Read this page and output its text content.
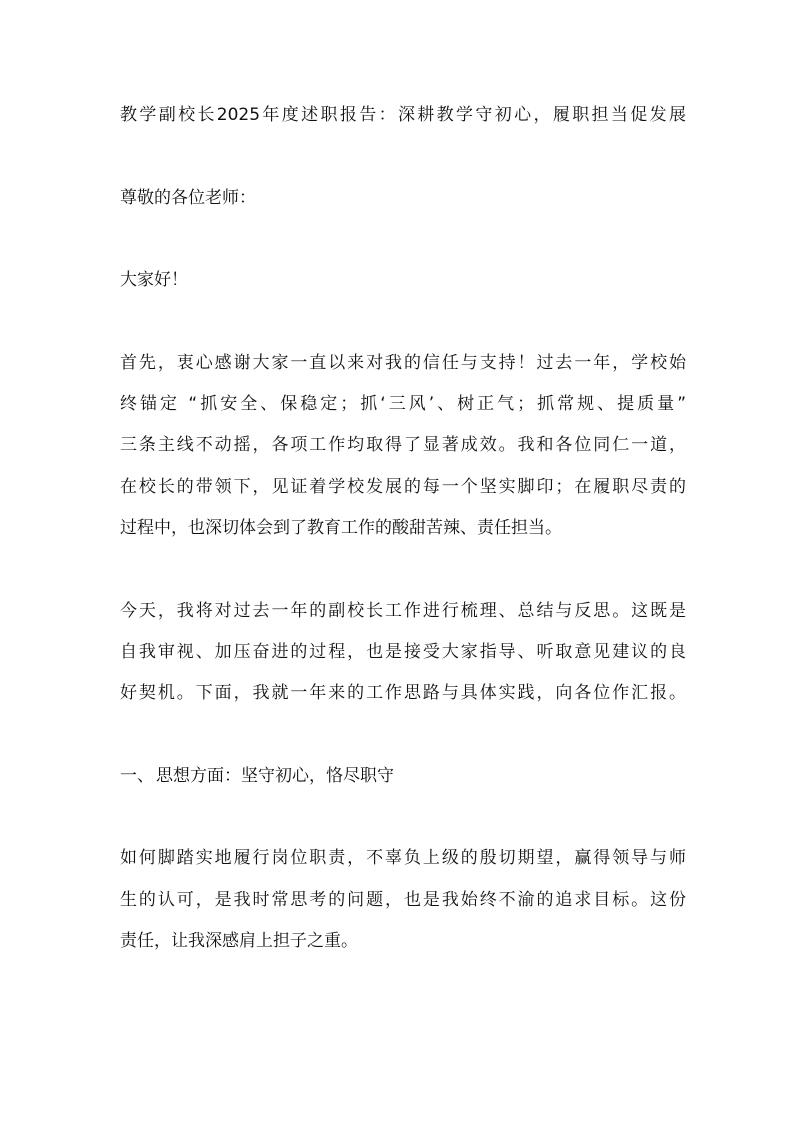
教学副校长2025年度述职报告：深耕教学守初心，履职担当促发展
尊敬的各位老师：
大家好！
首先，衷心感谢大家一直以来对我的信任与支持！过去一年，学校始
终锚定 “抓安全、保稳定；抓‘三风’、树正气；抓常规、提质量”
三条主线不动摇，各项工作均取得了显著成效。我和各位同仁一道，
在校长的带领下，见证着学校发展的每一个坚实脚印；在履职尽责的
过程中，也深切体会到了教育工作的酸甜苦辣、责任担当。
今天，我将对过去一年的副校长工作进行梳理、总结与反思。这既是
自我审视、加压奋进的过程，也是接受大家指导、听取意见建议的良
好契机。下面，我就一年来的工作思路与具体实践，向各位作汇报。
一、 思想方面：坚守初心，恪尽职守
如何脚踏实地履行岗位职责，不辜负上级的殷切期望，赢得领导与师
生的认可，是我时常思考的问题，也是我始终不渝的追求目标。这份
责任，让我深感肩上担子之重。
